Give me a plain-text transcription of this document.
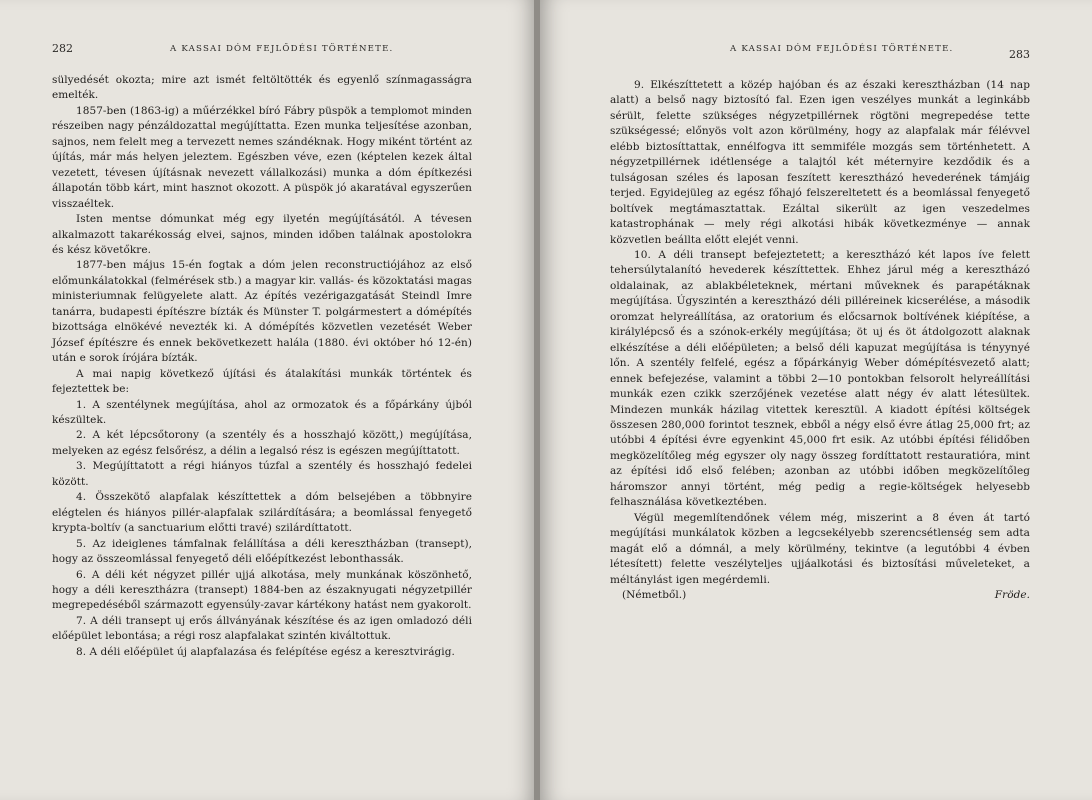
282	A KASSAI DÓM FEJLŐDÉSI TÖRTÉNETE.

sülyedését okozta; mire azt ismét feltöltötték és egyenlő színmagasságra emelték.

1857-ben (1863-ig) a műérzékkel bíró Fábry püspök a templomot minden részeiben nagy pénzáldozattal megújíttatta. Ezen munka teljesítése azonban, sajnos, nem felelt meg a tervezett nemes szándéknak. Hogy miként történt az újítás, már más helyen jeleztem. Egészben véve, ezen (képtelen kezek által vezetett, tévesen újításnak nevezett vállalkozási) munka a dóm építkezési állapotán több kárt, mint hasznot okozott. A püspök jó akaratával egyszerűen visszaéltek.

Isten mentse dómunkat még egy ilyetén megújításától. A tévesen alkalmazott takarékosság elvei, sajnos, minden időben találnak apostolokra és kész követőkre.

1877-ben május 15-én fogtak a dóm jelen reconstructiójához az első előmunkálatokkal (felmérések stb.) a magyar kir. vallás- és közoktatási magas ministeriumnak felügyelete alatt. Az építés vezérigazgatását Steindl Imre tanárra, budapesti építészre bízták és Münster T. polgármestert a dómépítés bizottsága elnökévé nevezték ki. A dómépítés közvetlen vezetését Weber József építészre és ennek bekövetkezett halála (1880. évi október hó 12-én) után e sorok írójára bízták.

A mai napig következő újítási és átalakítási munkák történtek és fejeztettek be:

1. A szentélynek megújítása, ahol az ormozatok és a főpárkány újból készültek.

2. A két lépcsőtorony (a szentély és a hosszhajó között,) megújítása, melyeken az egész felsőrész, a délin a legalsó rész is egészen megújíttatott.

3. Megújíttatott a régi hiányos túzfal a szentély és hosszhajó fedelei között.

4. Összekötő alapfalak készíttettek a dóm belsejében a többnyire elégtelen és hiányos pillér-alapfalak szilárdítására; a beomlással fenyegető krypta-boltív (a sanctuarium előtti travé) szilárdíttatott.

5. Az ideiglenes támfalnak felállítása a déli keresztházban (transept), hogy az összeomlással fenyegető déli előépítkezést lebonthassák.

6. A déli két négyzet pillér ujjá alkotása, mely munkának köszönhető, hogy a déli keresztházra (transept) 1884-ben az északnyugati négyzetpillér megrepedéséből származott egyensúly-zavar kártékony hatást nem gyakorolt.

7. A déli transept uj erős állványának készítése és az igen omladozó déli előépület lebontása; a régi rosz alapfalakat szintén kiváltottuk.

8. A déli előépület új alapfalazása és felépítése egész a keresztvirágig.

A KASSAI DÓM FEJLŐDÉSI TÖRTÉNETE.	283

9. Elkészíttetett a közép hajóban és az északi keresztházban (14 nap alatt) a belső nagy biztosító fal. Ezen igen veszélyes munkát a leginkább sérült, felette szükséges négyzetpillérnek rögtöni megrepedése tette szükségessé; előnyös volt azon körülmény, hogy az alapfalak már félévvel elébb biztosíttattak, ennélfogva itt semmiféle mozgás sem történhetett. A négyzetpillérnek idétlensége a talajtól két méternyire kezdődik és a tulságosan széles és laposan feszített keresztházó hevederének támjáig terjed. Egyidejüleg az egész főhajó felszereltetett és a beomlással fenyegető boltívek megtámasztattak. Ezáltal sikerült az igen veszedelmes katastrophának — mely régi alkotási hibák következménye — annak közvetlen beállta előtt elejét venni.

10. A déli transept befejeztetett; a keresztházó két lapos íve felett tehersúlytalanító hevederek készíttettek. Ehhez járul még a keresztházó oldalainak, az ablakbéleteknek, mértani műveknek és parapétáknak megújítása. Úgyszintén a keresztházó déli pilléreinek kicserélése, a második oromzat helyreállítása, az oratorium és előcsarnok boltívének kiépítése, a királylépcső és a szónok-erkély megújítása; öt uj és öt átdolgozott alaknak elkészítése a déli előépületen; a belső déli kapuzat megújítása is tényynyé lőn. A szentély felfelé, egész a főpárkányig Weber dómépítésvezető alatt; ennek befejezése, valamint a többi 2—10 pontokban felsorolt helyreállítási munkák ezen czikk szerzőjének vezetése alatt négy év alatt létesültek. Mindezen munkák házilag vitettek keresztül. A kiadott építési költségek összesen 280,000 forintot tesznek, ebből a négy első évre átlag 25,000 frt; az utóbbi 4 építési évre egyenkint 45,000 frt esik. Az utóbbi építési félidőben megközelítőleg még egyszer oly nagy összeg fordíttatott restauratióra, mint az építési idő első felében; azonban az utóbbi időben megközelítőleg háromszor annyi történt, még pedig a regie-költségek helyesebb felhasználása következtében.

Végül megemlítendőnek vélem még, miszerint a 8 éven át tartó megújítási munkálatok közben a legcsekélyebb szerencsétlenség sem adta magát elő a dómnál, a mely körülmény, tekintve (a legutóbbi 4 évben létesített) felette veszélyteljes ujjáalkotási és biztosítási műveleteket, a méltánylást igen megérdemli.

(Németből.)	Fröde.
